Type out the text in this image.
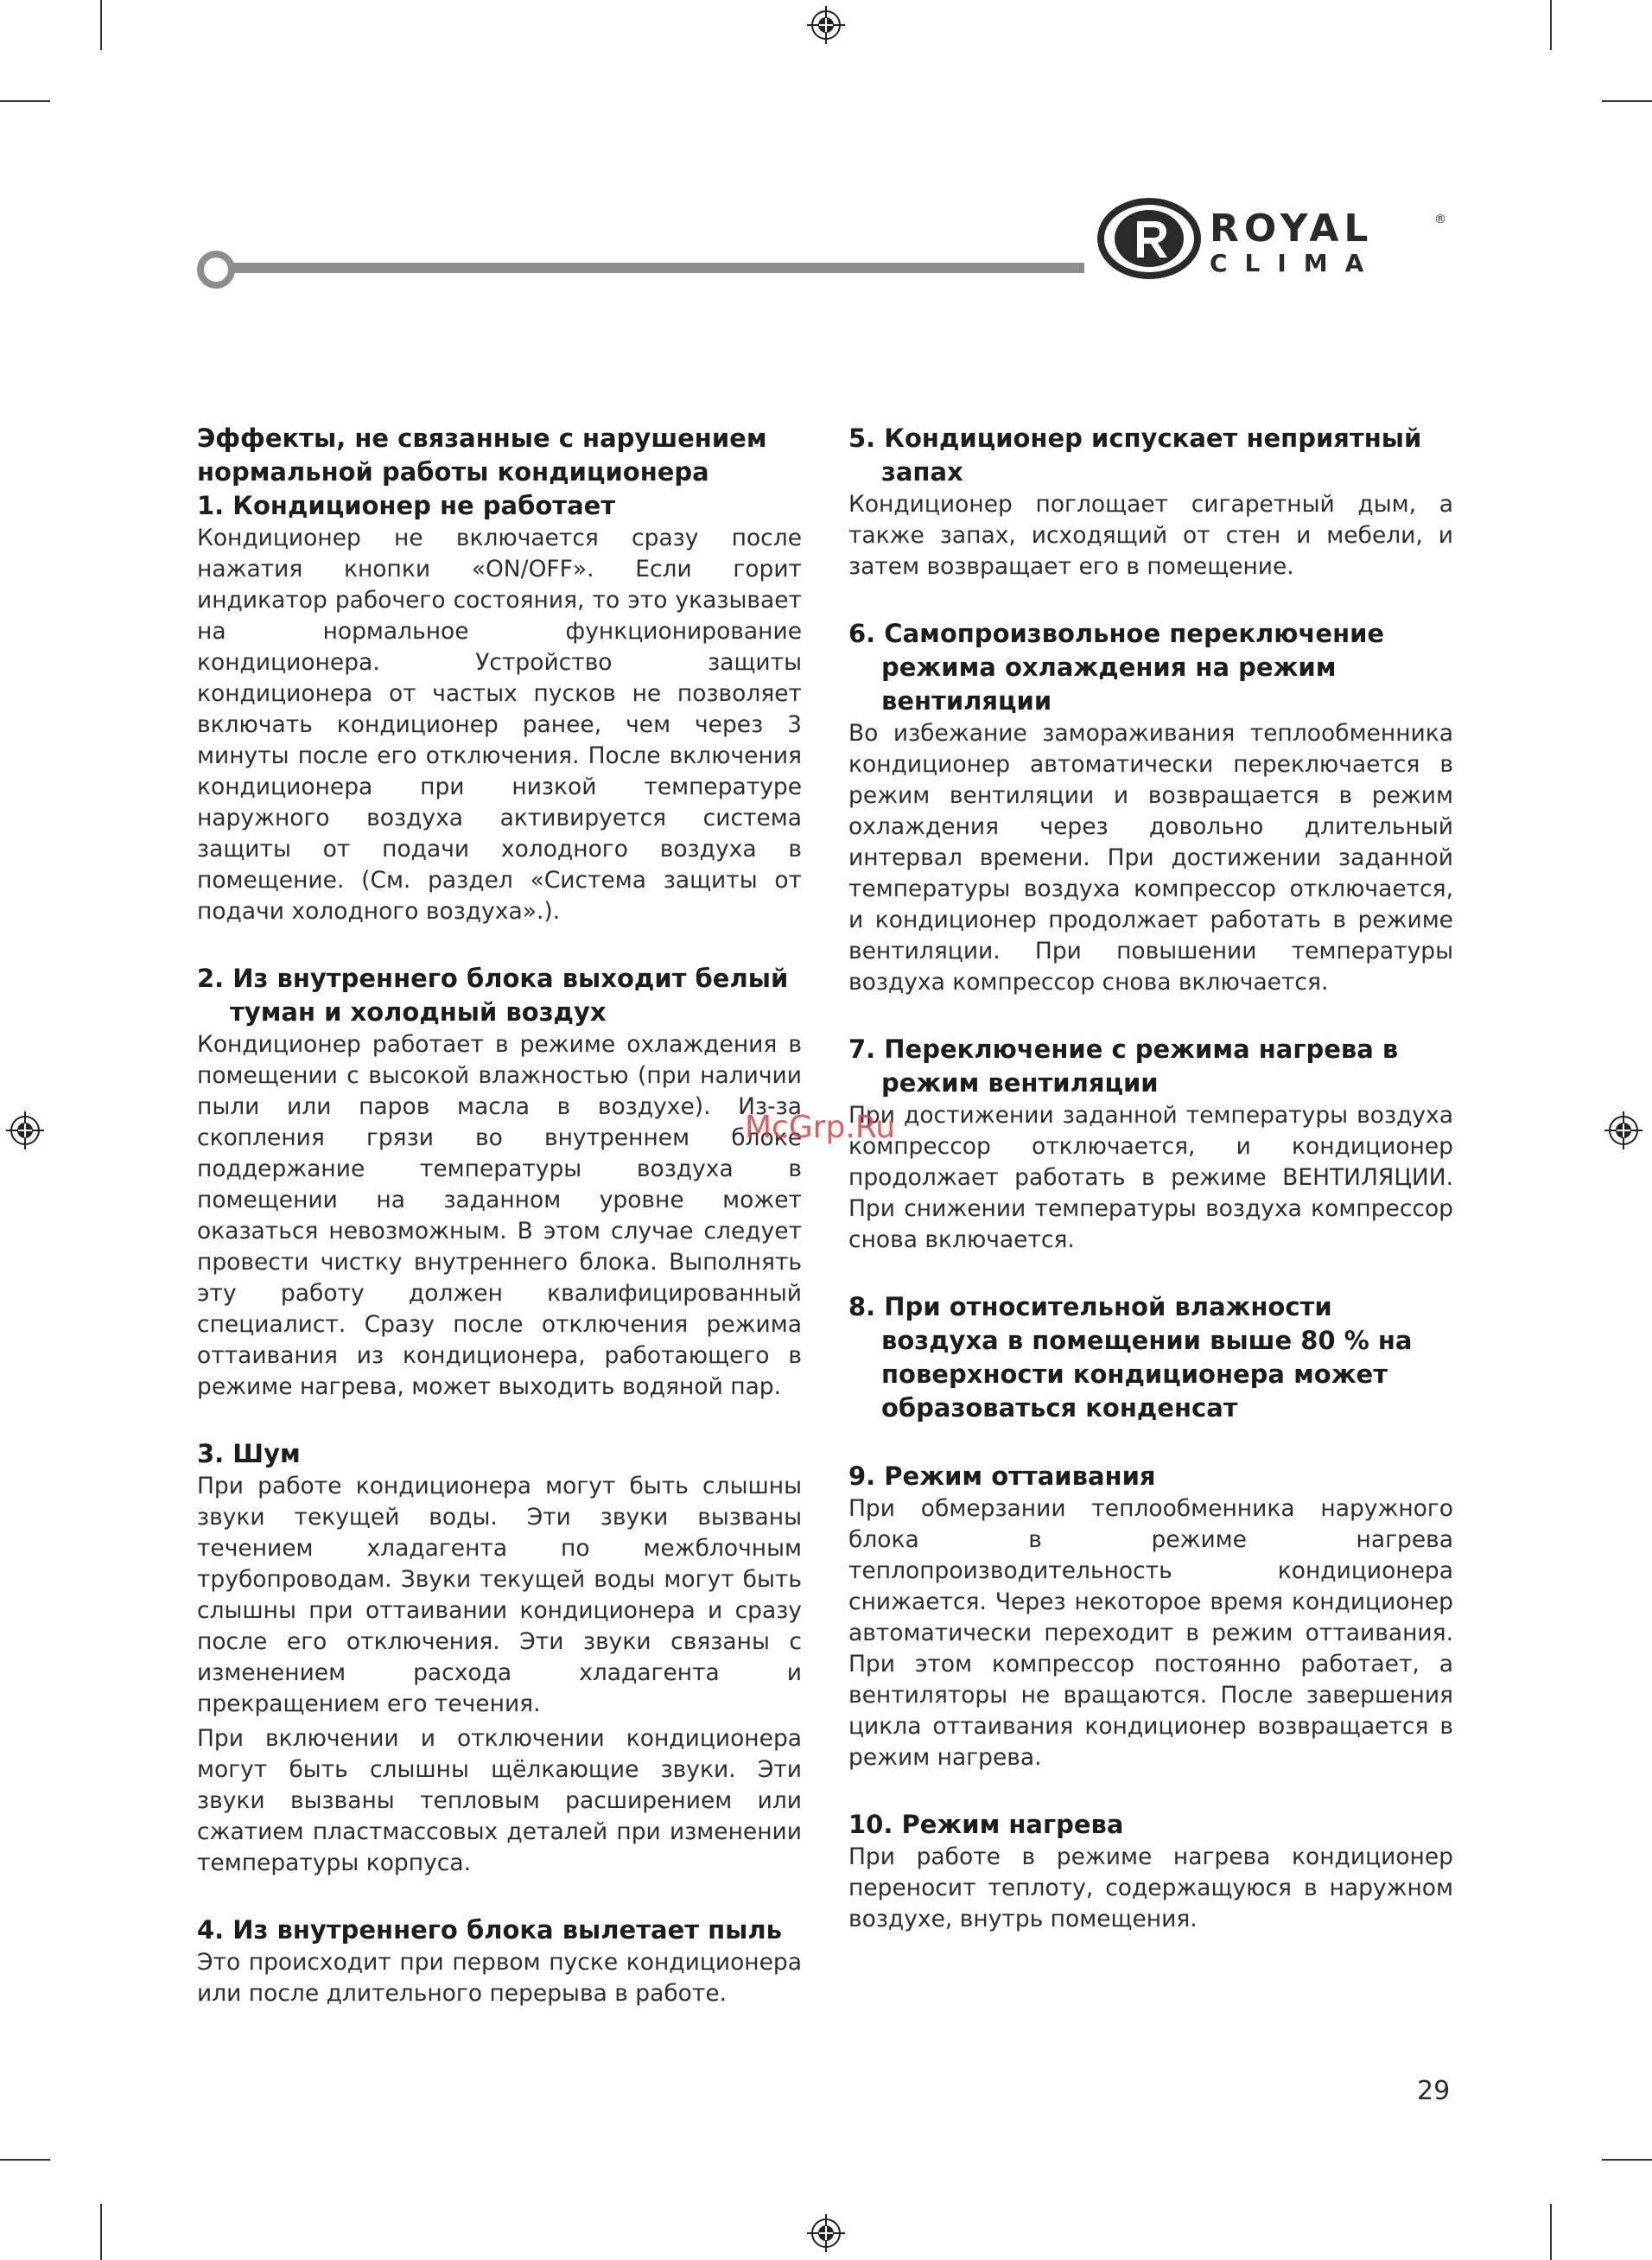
ROYAL	®
CLIMA
Эффекты, не связанные с нарушением нормальной работы кондиционера
1. Кондиционер не работает
Кондиционер не включается сразу после нажатия кнопки «ON/OFF». Если горит индикатор рабочего состояния, то это указывает на нормальное функционирование кондиционера. Устройство защиты кондиционера от частых пусков не позволяет включать кондиционер ранее, чем через 3 минуты после его отключения. После включения кондиционера при низкой температуре наружного воздуха активируется система защиты от подачи холодного воздуха в помещение. (См. раздел «Система защиты от подачи холодного воздуха».).
2. Из внутреннего блока выходит белый туман и холодный воздух
Кондиционер работает в режиме охлаждения в помещении с высокой влажностью (при наличии пыли или паров масла в воздухе). Из-за скопления грязи во внутреннем блоке поддержание температуры воздуха в помещении на заданном уровне может оказаться невозможным. В этом случае следует провести чистку внутреннего блока. Выполнять эту работу должен квалифицированный специалист. Сразу после отключения режима оттаивания из кондиционера, работающего в режиме нагрева, может выходить водяной пар.
3. Шум
При работе кондиционера могут быть слышны звуки текущей воды. Эти звуки вызваны течением хладагента по межблочным трубопроводам. Звуки текущей воды могут быть слышны при оттаивании кондиционера и сразу после его отключения. Эти звуки связаны с изменением расхода хладагента и прекращением его течения.
При включении и отключении кондиционера могут быть слышны щёлкающие звуки. Эти звуки вызваны тепловым расширением или сжатием пластмассовых деталей при изменении температуры корпуса.
4. Из внутреннего блока вылетает пыль
Это происходит при первом пуске кондиционера или после длительного перерыва в работе.
5. Кондиционер испускает неприятный запах
Кондиционер поглощает сигаретный дым, а также запах, исходящий от стен и мебели, и затем возвращает его в помещение.
6. Самопроизвольное переключение режима охлаждения на режим вентиляции
Во избежание замораживания теплообменника кондиционер автоматически переключается в режим вентиляции и возвращается в режим охлаждения через довольно длительный интервал времени. При достижении заданной температуры воздуха компрессор отключается, и кондиционер продолжает работать в режиме вентиляции. При повышении температуры воздуха компрессор снова включается.
7. Переключение с режима нагрева в режим вентиляции
При достижении заданной температуры воздуха компрессор отключается, и кондиционер продолжает работать в режиме ВЕНТИЛЯЦИИ. При снижении температуры воздуха компрессор снова включается.
8. При относительной влажности воздуха в помещении выше 80 % на поверхности кондиционера может образоваться конденсат
9. Режим оттаивания
При обмерзании теплообменника наружного блока в режиме нагрева теплопроизводительность кондиционера снижается. Через некоторое время кондиционер автоматически переходит в режим оттаивания. При этом компрессор постоянно работает, а вентиляторы не вращаются. После завершения цикла оттаивания кондиционер возвращается в режим нагрева.
10. Режим нагрева
При работе в режиме нагрева кондиционер переносит теплоту, содержащуюся в наружном воздухе, внутрь помещения.
McGrp.Ru
29
